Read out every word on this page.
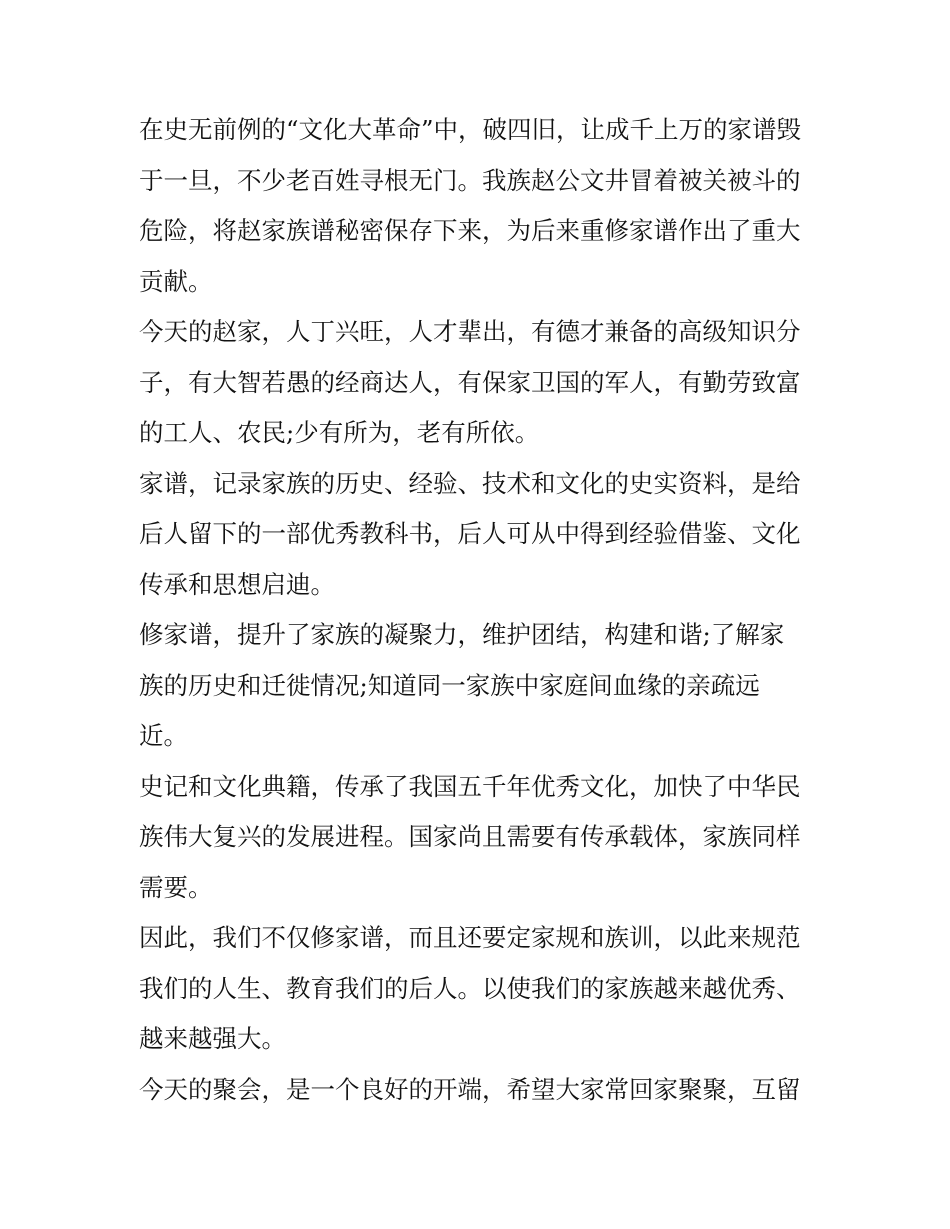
在史无前例的“文化大革命”中，破四旧，让成千上万的家谱毁
于一旦，不少老百姓寻根无门。我族赵公文井冒着被关被斗的
危险，将赵家族谱秘密保存下来，为后来重修家谱作出了重大
贡献。
今天的赵家，人丁兴旺，人才辈出，有德才兼备的高级知识分
子，有大智若愚的经商达人，有保家卫国的军人，有勤劳致富
的工人、农民;少有所为，老有所依。
家谱，记录家族的历史、经验、技术和文化的史实资料，是给
后人留下的一部优秀教科书，后人可从中得到经验借鉴、文化
传承和思想启迪。
修家谱，提升了家族的凝聚力，维护团结，构建和谐;了解家
族的历史和迁徙情况;知道同一家族中家庭间血缘的亲疏远
近。
史记和文化典籍，传承了我国五千年优秀文化，加快了中华民
族伟大复兴的发展进程。国家尚且需要有传承载体，家族同样
需要。
因此，我们不仅修家谱，而且还要定家规和族训，以此来规范
我们的人生、教育我们的后人。以使我们的家族越来越优秀、
越来越强大。
今天的聚会，是一个良好的开端，希望大家常回家聚聚，互留
